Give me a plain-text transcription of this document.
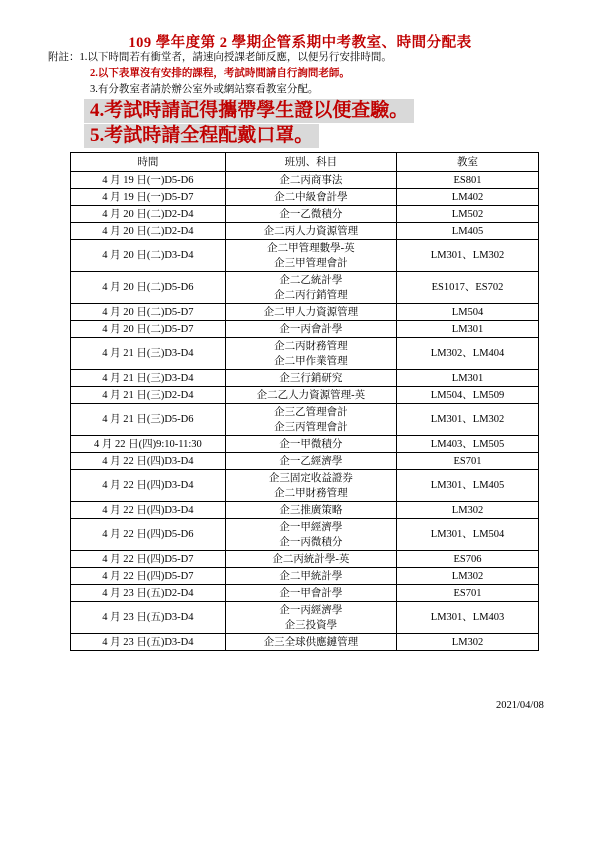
109 學年度第 2 學期企管系期中考教室、時間分配表
附註：1.以下時間若有衝堂者，請速向授課老師反應，以便另行安排時間。
2.以下表單沒有安排的課程，考試時間請自行詢問老師。
3.有分教室者請於辦公室外或網站察看教室分配。
4.考試時請記得攜帶學生證以便查驗。
5.考試時請全程配戴口罩。
時間	班別、科目	教室
4 月 19 日(一)D5-D6	企二丙商事法	ES801
4 月 19 日(一)D5-D7	企二中級會計學	LM402
4 月 20 日(二)D2-D4	企一乙微積分	LM502
4 月 20 日(二)D2-D4	企二丙人力資源管理	LM405
4 月 20 日(二)D3-D4	企二甲管理數學-英
企三甲管理會計	LM301、LM302
4 月 20 日(二)D5-D6	企二乙統計學
企二丙行銷管理	ES1017、ES702
4 月 20 日(二)D5-D7	企二甲人力資源管理	LM504
4 月 20 日(二)D5-D7	企一丙會計學	LM301
4 月 21 日(三)D3-D4	企二丙財務管理
企二甲作業管理	LM302、LM404
4 月 21 日(三)D3-D4	企三行銷研究	LM301
4 月 21 日(三)D2-D4	企二乙人力資源管理-英	LM504、LM509
4 月 21 日(三)D5-D6	企三乙管理會計
企三丙管理會計	LM301、LM302
4 月 22 日(四)9:10-11:30	企一甲微積分	LM403、LM505
4 月 22 日(四)D3-D4	企一乙經濟學	ES701
4 月 22 日(四)D3-D4	企三固定收益證券
企二甲財務管理	LM301、LM405
4 月 22 日(四)D3-D4	企三推廣策略	LM302
4 月 22 日(四)D5-D6	企一甲經濟學
企一丙微積分	LM301、LM504
4 月 22 日(四)D5-D7	企二丙統計學-英	ES706
4 月 22 日(四)D5-D7	企二甲統計學	LM302
4 月 23 日(五)D2-D4	企一甲會計學	ES701
4 月 23 日(五)D3-D4	企一丙經濟學
企三投資學	LM301、LM403
4 月 23 日(五)D3-D4	企三全球供應鏈管理	LM302
2021/04/08
